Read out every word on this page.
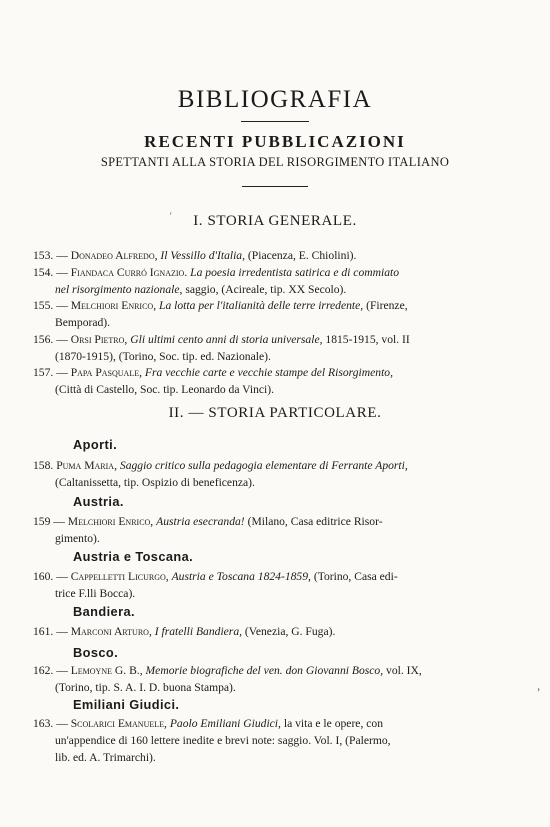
BIBLIOGRAFIA
RECENTI PUBBLICAZIONI
SPETTANTI ALLA STORIA DEL RISORGIMENTO ITALIANO
'	I. STORIA GENERALE.
153. — Donadeo Alfredo, Il Vessillo d'Italia, (Piacenza, E. Chiolini).
154. — Fiandaca Curró Ignazio. La poesia irredentista satirica e di commiato
nel risorgimento nazionale, saggio, (Acireale, tip. XX Secolo).
155. — Melchiori Enrico, La lotta per l'italianità delle terre irredente, (Firenze,
Bemporad).
156. — Orsi Pietro, Gli ultimi cento anni di storia universale, 1815-1915, vol. II
(1870-1915), (Torino, Soc. tip. ed. Nazionale).
157. — Papa Pasquale, Fra vecchie carte e vecchie stampe del Risorgimento,
(Città di Castello, Soc. tip. Leonardo da Vinci).
II. — STORIA PARTICOLARE.
Aporti.
158. Puma Maria, Saggio critico sulla pedagogia elementare di Ferrante Aporti,
(Caltanissetta, tip. Ospizio di beneficenza).
Austria.
159 — Melchiori Enrico, Austria esecranda! (Milano, Casa editrice Risor-
gimento).
Austria e Toscana.
160. — Cappelletti Licurgo, Austria e Toscana 1824-1859, (Torino, Casa edi-
trice F.lli Bocca).
Bandiera.
161. — Marconi Arturo, I fratelli Bandiera, (Venezia, G. Fuga).
Bosco.
162. — Lemoyne G. B., Memorie biografiche del ven. don Giovanni Bosco, vol. IX,
(Torino, tip. S. A. I. D. buona Stampa).
Emiliani Giudici.
163. — Scolarici Emanuele, Paolo Emiliani Giudici, la vita e le opere, con
un'appendice di 160 lettere inedite e brevi note: saggio. Vol. I, (Palermo,
lib. ed. A. Trimarchi).
›
